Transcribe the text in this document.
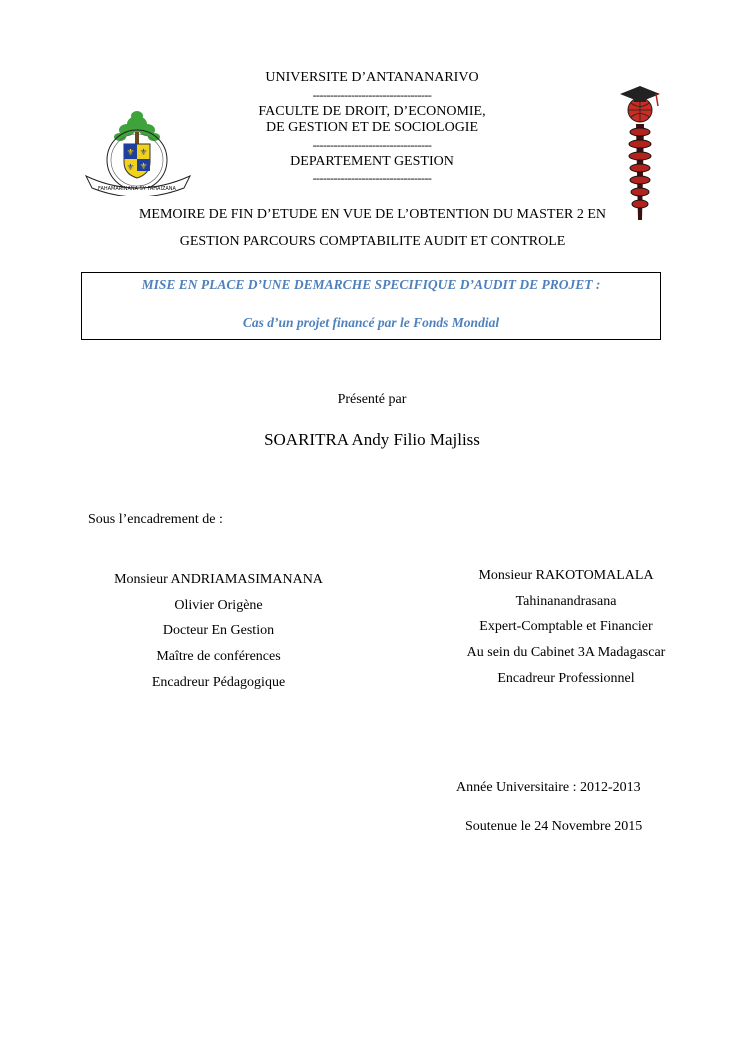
⚜ ⚜
⚜ ⚜
FAHAMARINANA SY FAHAIZANA
UNIVERSITE D’ANTANANARIVO
----------------------------------
FACULTE DE DROIT, D’ECONOMIE,
DE GESTION ET DE SOCIOLOGIE
----------------------------------
DEPARTEMENT GESTION
----------------------------------
MEMOIRE DE FIN D’ETUDE EN VUE DE L’OBTENTION DU MASTER 2 EN
GESTION PARCOURS COMPTABILITE AUDIT ET CONTROLE
MISE EN PLACE D’UNE DEMARCHE SPECIFIQUE D’AUDIT DE PROJET :
Cas d’un projet financé par le Fonds Mondial
Présenté par
SOARITRA Andy Filio Majliss
Sous l’encadrement de :
Monsieur ANDRIAMASIMANANA
Olivier Origène
Docteur En Gestion
Maître de conférences
Encadreur Pédagogique
Monsieur RAKOTOMALALA
Tahinanandrasana
Expert-Comptable et Financier
Au sein du Cabinet 3A Madagascar
Encadreur Professionnel
Année Universitaire : 2012-2013
Soutenue le 24 Novembre 2015
